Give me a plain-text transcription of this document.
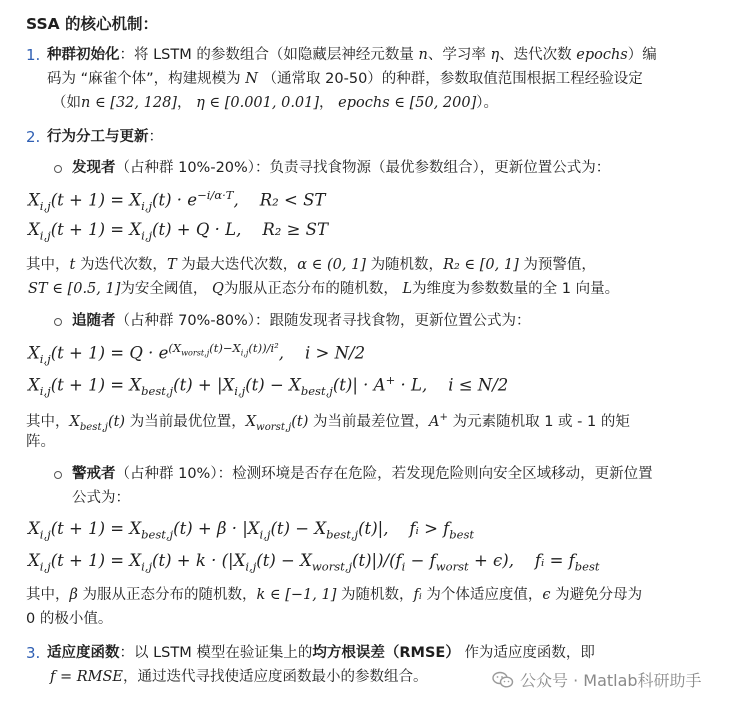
SSA 的核心机制：
1. 种群初始化：将 LSTM 的参数组合（如隐藏层神经元数量 n、学习率 η、迭代次数 epochs）编
码为 “麻雀个体”，构建规模为 N （通常取 20-50）的种群，参数取值范围根据工程经验设定
（如n ∈ [32, 128]， η ∈ [0.001, 0.01]， epochs ∈ [50, 200]）。
2. 行为分工与更新：
发现者（占种群 10%-20%）：负责寻找食物源（最优参数组合），更新位置公式为：
$X_{i,j}(t + 1) = X_{i,j}(t) \cdot e^{-i/\alpha\cdot T}$,    R₂ < ST
$X_{i,j}(t + 1) = X_{i,j}(t) + Q \cdot L$,    R₂ ≥ ST
其中，t 为迭代次数，T 为最大迭代次数，α ∈ (0, 1] 为随机数，R₂ ∈ [0, 1] 为预警值，
ST ∈ [0.5, 1]为安全阈值， Q为服从正态分布的随机数， L为维度为参数数量的全 1 向量。
追随者（占种群 70%-80%）：跟随发现者寻找食物，更新位置公式为：
$X_{i,j}(t + 1) = Q \cdot e^{(X_{worst,j}(t)-X_{i,j}(t))/i^2}$,    i > N/2
$X_{i,j}(t + 1) = X_{best,j}(t) + |X_{i,j}(t) - X_{best,j}(t)| \cdot A^+ \cdot L$,    i ≤ N/2
其中，$X_{best,j}(t)$ 为当前最优位置，$X_{worst,j}(t)$ 为当前最差位置，A+ 为元素随机取 1 或 - 1 的矩
阵。
警戒者（占种群 10%）：检测环境是否存在危险，若发现危险则向安全区域移动，更新位置
公式为：
$X_{i,j}(t + 1) = X_{best,j}(t) + \beta \cdot |X_{i,j}(t) - X_{best,j}(t)|$,    fᵢ > $f_{best}$
$X_{i,j}(t + 1) = X_{i,j}(t) + k \cdot (|X_{i,j}(t) - X_{worst,j}(t)|)/(f_i - f_{worst} + \epsilon)$,    fᵢ = $f_{best}$
其中，β 为服从正态分布的随机数，k ∈ [−1, 1] 为随机数，fᵢ 为个体适应度值，ϵ 为避免分母为
0 的极小值。
3. 适应度函数：以 LSTM 模型在验证集上的均方根误差（RMSE） 作为适应度函数，即
f = RMSE，通过迭代寻找使适应度函数最小的参数组合。	公众号 · Matlab科研助手
